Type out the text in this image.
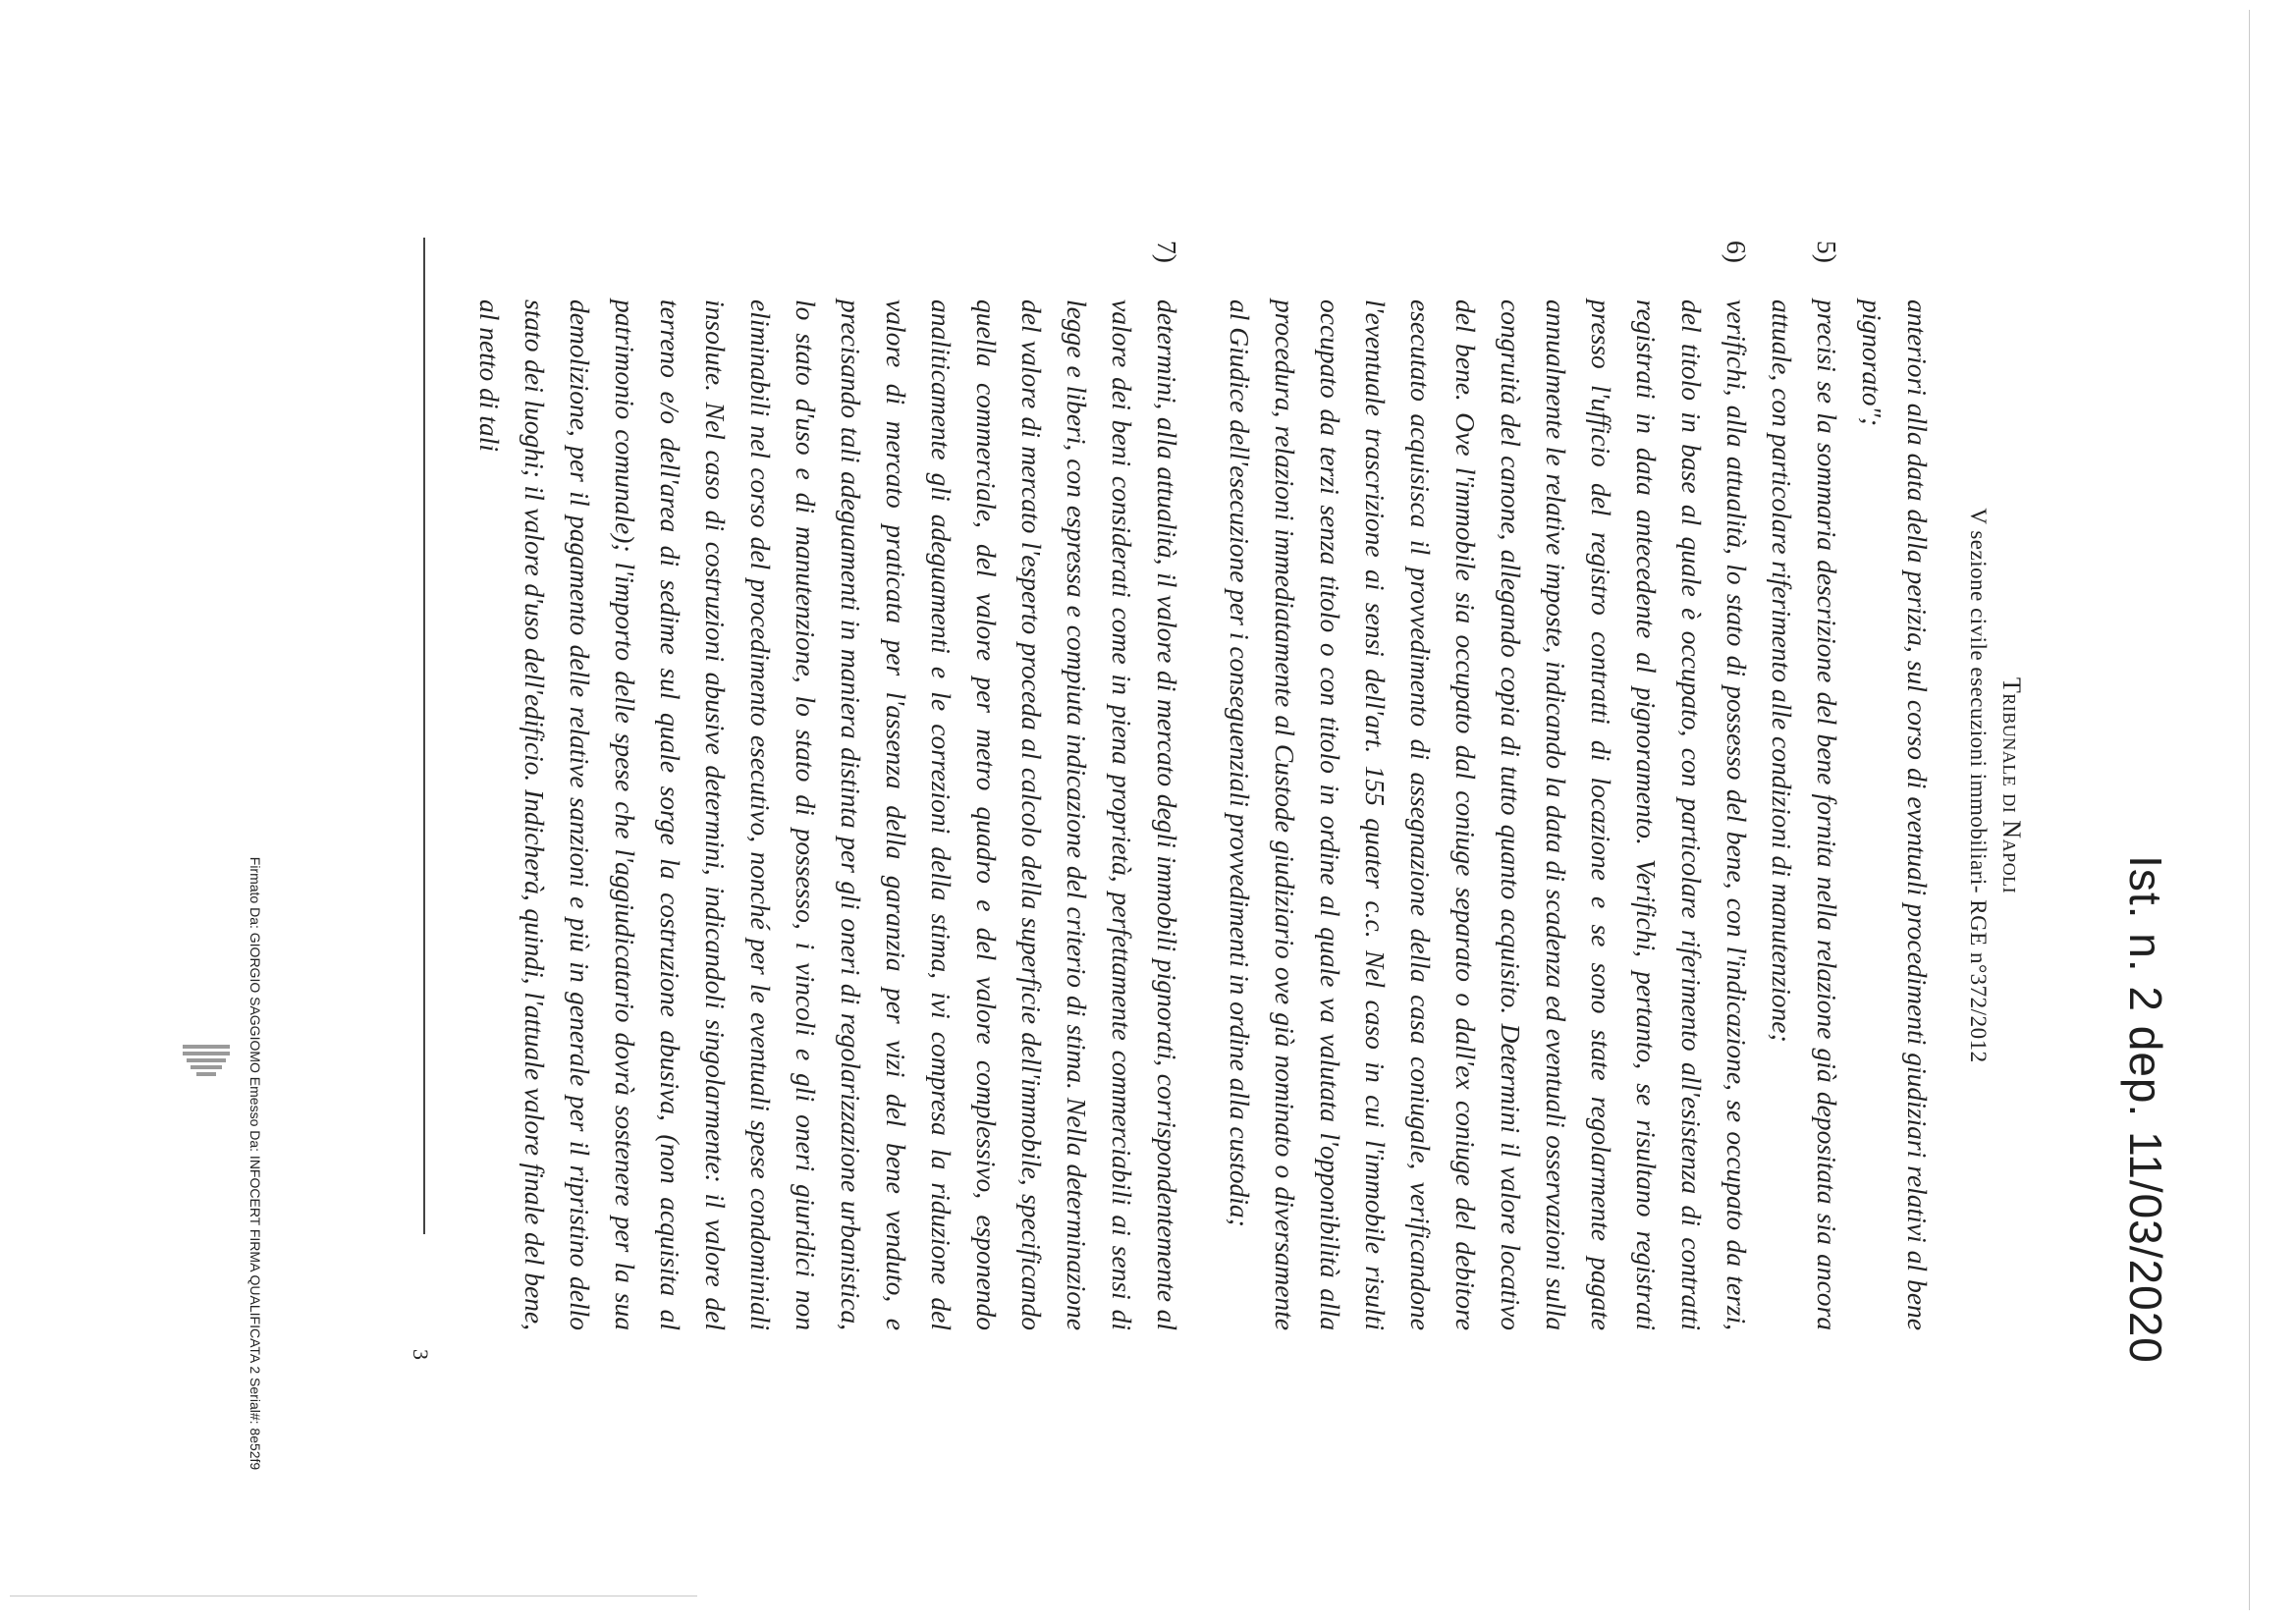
Ist. n. 2 dep. 11/03/2020
Tribunale di Napoli
V sezione civile esecuzioni immobiliari- RGE n°372/2012

anteriori alla data della perizia, sul corso di eventuali procedimenti giudiziari relativi al bene pignorato";

5)
precisi se la sommaria descrizione del bene fornita nella relazione già depositata sia ancora attuale, con particolare riferimento alle condizioni di manutenzione;
6)
verifichi, alla attualità, lo stato di possesso del bene, con l'indicazione, se occupato da terzi, del titolo in base al quale è occupato, con particolare riferimento all'esistenza di contratti registrati in data antecedente al pignoramento. Verifichi, pertanto, se risultano registrati presso l'ufficio del registro contratti di locazione e se sono state regolarmente pagate annualmente le relative imposte, indicando la data di scadenza ed eventuali osservazioni sulla congruità del canone, allegando copia di tutto quanto acquisito. Determini il valore locativo del bene. Ove l'immobile sia occupato dal coniuge separato o dall'ex coniuge del debitore esecutato acquisisca il provvedimento di assegnazione della casa coniugale, verificandone l'eventuale trascrizione ai sensi dell'art. 155 quater c.c. Nel caso in cui l'immobile risulti occupato da terzi senza titolo o con titolo in ordine al quale va valutata l'opponibilità alla procedura, relazioni immediatamente al Custode giudiziario ove già nominato o diversamente al Giudice dell'esecuzione per i conseguenziali provvedimenti in ordine alla custodia;
7)
determini, alla attualità, il valore di mercato degli immobili pignorati, corrispondentemente al valore dei beni considerati come in piena proprietà, perfettamente commerciabili ai sensi di legge e liberi, con espressa e compiuta indicazione del criterio di stima. Nella determinazione del valore di mercato l'esperto proceda al calcolo della superficie dell'immobile, specificando quella commerciale, del valore per metro quadro e del valore complessivo, esponendo analiticamente gli adeguamenti e le correzioni della stima, ivi compresa la riduzione del valore di mercato praticata per l'assenza della garanzia per vizi del bene venduto, e precisando tali adeguamenti in maniera distinta per gli oneri di regolarizzazione urbanistica, lo stato d'uso e di manutenzione, lo stato di possesso, i vincoli e gli oneri giuridici non eliminabili nel corso del procedimento esecutivo, nonché per le eventuali spese condominiali insolute. Nel caso di costruzioni abusive determini, indicandoli singolarmente: il valore del terreno e/o dell'area di sedime sul quale sorge la costruzione abusiva, (non acquisita al patrimonio comunale); l'importo delle spese che l'aggiudicatario dovrà sostenere per la sua demolizione, per il pagamento delle relative sanzioni e più in generale per il ripristino dello stato dei luoghi; il valore d'uso dell'edificio. Indicherà, quindi, l'attuale valore finale del bene, al netto di tali
3
Firmato Da: GIORGIO SAGGIOMO Emesso Da: INFOCERT FIRMA QUALIFICATA 2 Serial#: 8e52f9
